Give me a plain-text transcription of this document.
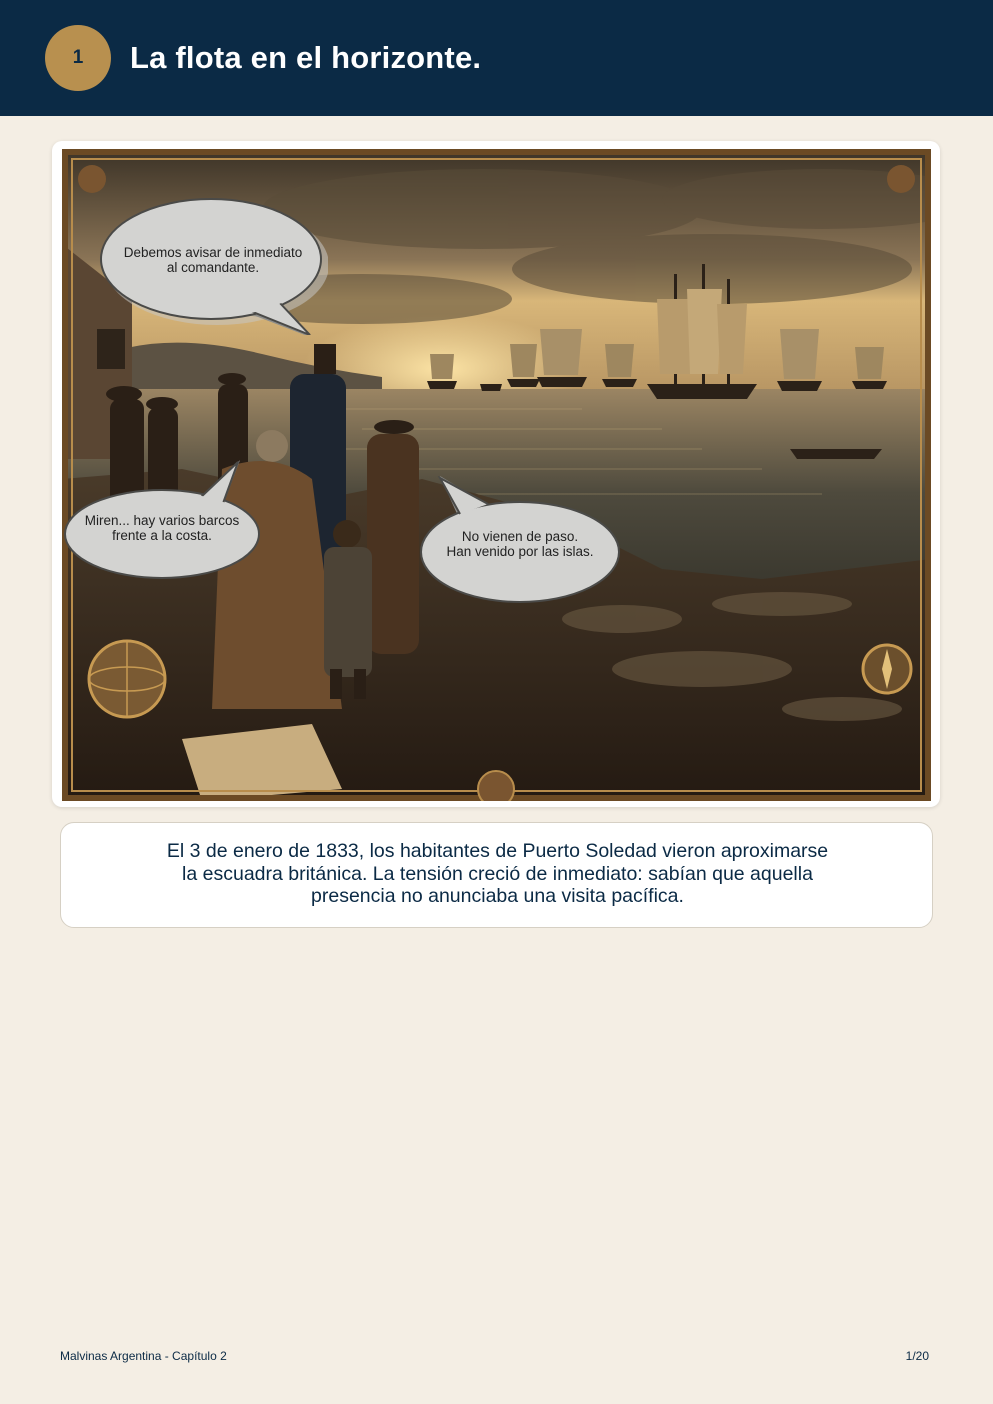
1	La flota en el horizonte.
Debemos avisar de inmediato
al comandante.
Miren... hay varios barcos
frente a la costa.	No vienen de paso.
Han venido por las islas.
El 3 de enero de 1833, los habitantes de Puerto Soledad vieron aproximarse la escuadra británica. La tensión creció de inmediato: sabían que aquella presencia no anunciaba una visita pacífica.
Malvinas Argentina - Capítulo 2	1/20
